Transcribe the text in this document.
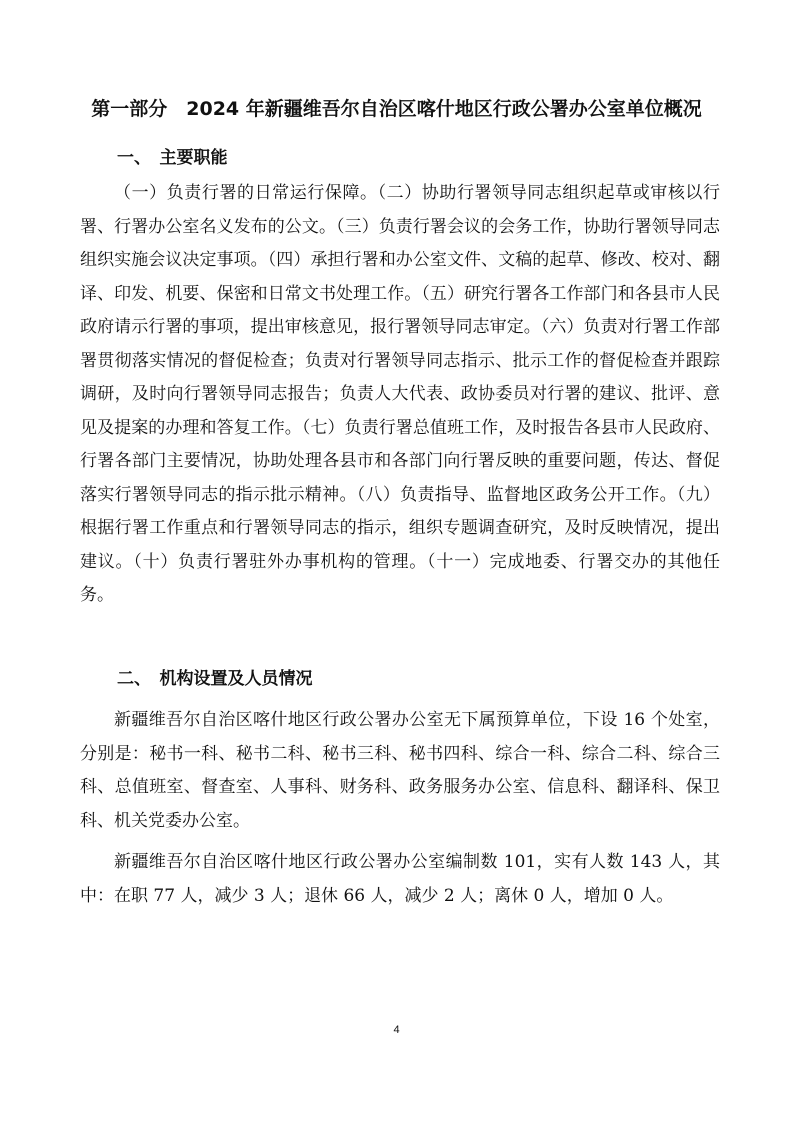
第一部分　2024 年新疆维吾尔自治区喀什地区行政公署办公室单位概况
一、　主要职能
（一）负责行署的日常运行保障。（二）协助行署领导同志组织起草或审核以行署、行署办公室名义发布的公文。（三）负责行署会议的会务工作，协助行署领导同志组织实施会议决定事项。（四）承担行署和办公室文件、文稿的起草、修改、校对、翻译、印发、机要、保密和日常文书处理工作。（五）研究行署各工作部门和各县市人民政府请示行署的事项，提出审核意见，报行署领导同志审定。（六）负责对行署工作部署贯彻落实情况的督促检查；负责对行署领导同志指示、批示工作的督促检查并跟踪调研，及时向行署领导同志报告；负责人大代表、政协委员对行署的建议、批评、意见及提案的办理和答复工作。（七）负责行署总值班工作，及时报告各县市人民政府、行署各部门主要情况，协助处理各县市和各部门向行署反映的重要问题，传达、督促落实行署领导同志的指示批示精神。（八）负责指导、监督地区政务公开工作。（九）根据行署工作重点和行署领导同志的指示，组织专题调查研究，及时反映情况，提出建议。（十）负责行署驻外办事机构的管理。（十一）完成地委、行署交办的其他任务。
二、　机构设置及人员情况
新疆维吾尔自治区喀什地区行政公署办公室无下属预算单位，下设 16 个处室，分别是：秘书一科、秘书二科、秘书三科、秘书四科、综合一科、综合二科、综合三科、总值班室、督查室、人事科、财务科、政务服务办公室、信息科、翻译科、保卫科、机关党委办公室。
新疆维吾尔自治区喀什地区行政公署办公室编制数 101，实有人数 143 人，其中：在职 77 人，减少 3 人；退休 66 人，减少 2 人；离休 0 人，增加 0 人。
4
